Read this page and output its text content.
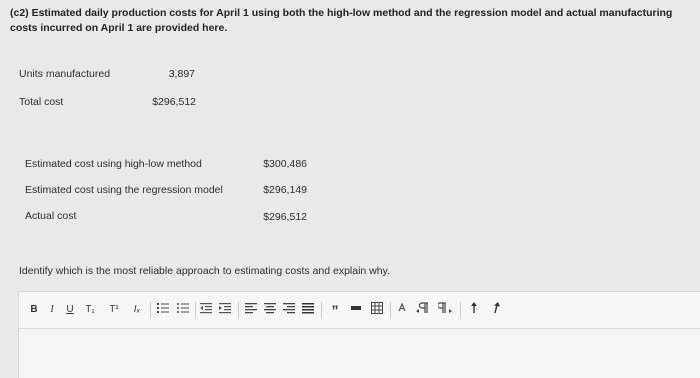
(c2) Estimated daily production costs for April 1 using both the high-low method and the regression model and actual manufacturing
costs incurred on April 1 are provided here.
Units manufactured	3,897
Total cost	$296,512
Estimated cost using high-low method	$300,486
Estimated cost using the regression model	$296,149
Actual cost	$296,512
Identify which is the most reliable approach to estimating costs and explain why.
B	I	U	T₁	T¹	Iₓ	”
